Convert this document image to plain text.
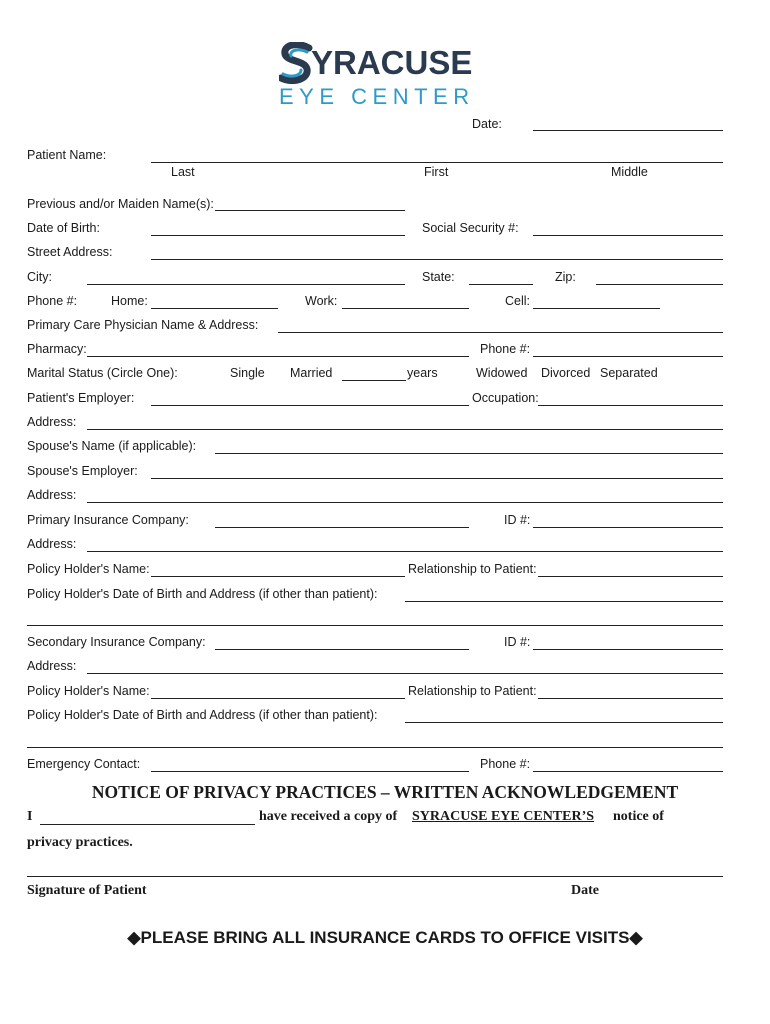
YRACUSE
EYE CENTER
Date:
Patient Name:
Last	First	Middle
Previous and/or Maiden Name(s):
Date of Birth:	Social Security #:
Street Address:
City:	State:	Zip:
Phone #:	Home:	Work:	Cell:
Primary Care Physician Name & Address:
Pharmacy:	Phone #:
Marital Status (Circle One):	Single Married	years	Widowed Divorced Separated
Patient's Employer:	Occupation:
Address:
Spouse's Name (if applicable):
Spouse's Employer:
Address:
Primary Insurance Company:	ID #:
Address:
Policy Holder's Name:	Relationship to Patient:
Policy Holder's Date of Birth and Address (if other than patient):
Secondary Insurance Company:	ID #:
Address:
Policy Holder's Name:	Relationship to Patient:
Policy Holder's Date of Birth and Address (if other than patient):
Emergency Contact:	Phone #:
NOTICE OF PRIVACY PRACTICES – WRITTEN ACKNOWLEDGEMENT
I	have received a copy of SYRACUSE EYE CENTER’S notice of
privacy practices.
Signature of Patient	Date
◆PLEASE BRING ALL INSURANCE CARDS TO OFFICE VISITS◆
